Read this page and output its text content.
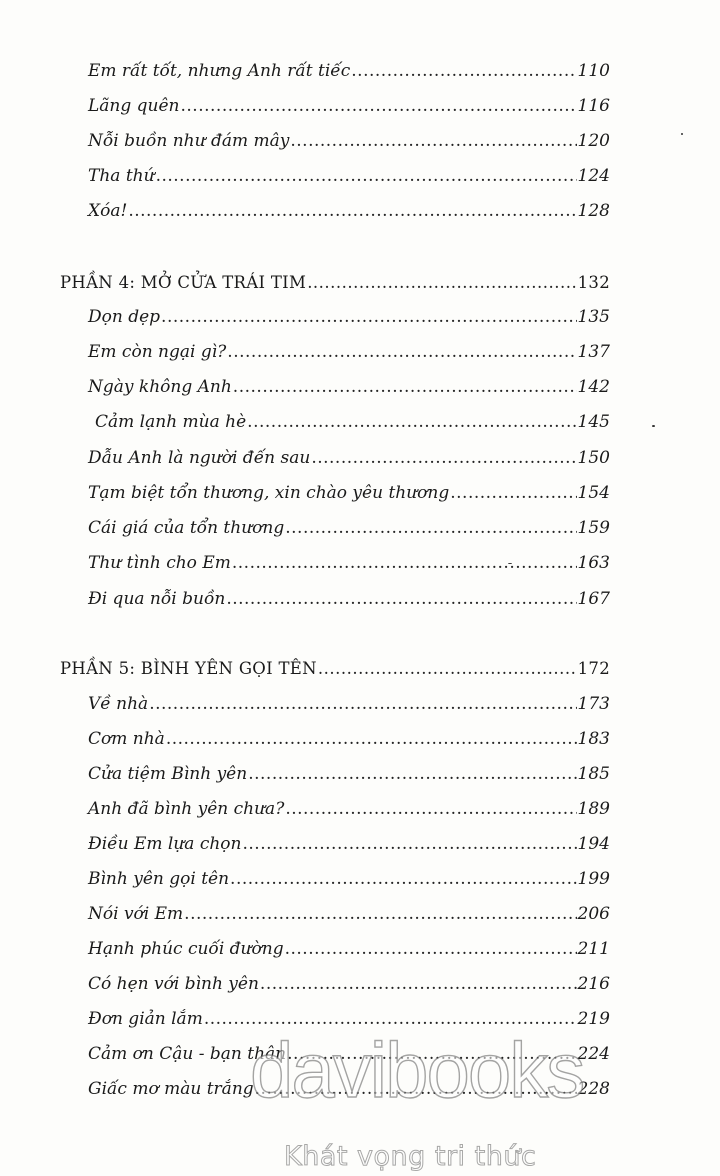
Em rất tốt, nhưng Anh rất tiếc .....	110
Lãng quên .....	116
Nỗi buồn như đám mây .....	120
Tha thứ .....	124
Xóa! .....	128
PHẦN 4: MỞ CỬA TRÁI TIM .....	132
Dọn dẹp .....	135
Em còn ngại gì? .....	137
Ngày không Anh .....	142
Cảm lạnh mùa hè .....	145
Dẫu Anh là người đến sau .....	150
Tạm biệt tổn thương, xin chào yêu thương .....	154
Cái giá của tổn thương .....	159
Thư tình cho Em .....	163
Đi qua nỗi buồn .....	167
PHẦN 5: BÌNH YÊN GỌI TÊN .....	172
Về nhà .....	173
Cơm nhà .....	183
Cửa tiệm Bình yên .....	185
Anh đã bình yên chưa? .....	189
Điều Em lựa chọn .....	194
Bình yên gọi tên .....	199
Nói với Em .....	206
Hạnh phúc cuối đường .....	211
Có hẹn với bình yên .....	216
Đơn giản lắm .....	219
Cảm ơn Cậu - bạn thân .....	224
Giấc mơ màu trắng .....	228
davibooks
Khát vọng tri thức
